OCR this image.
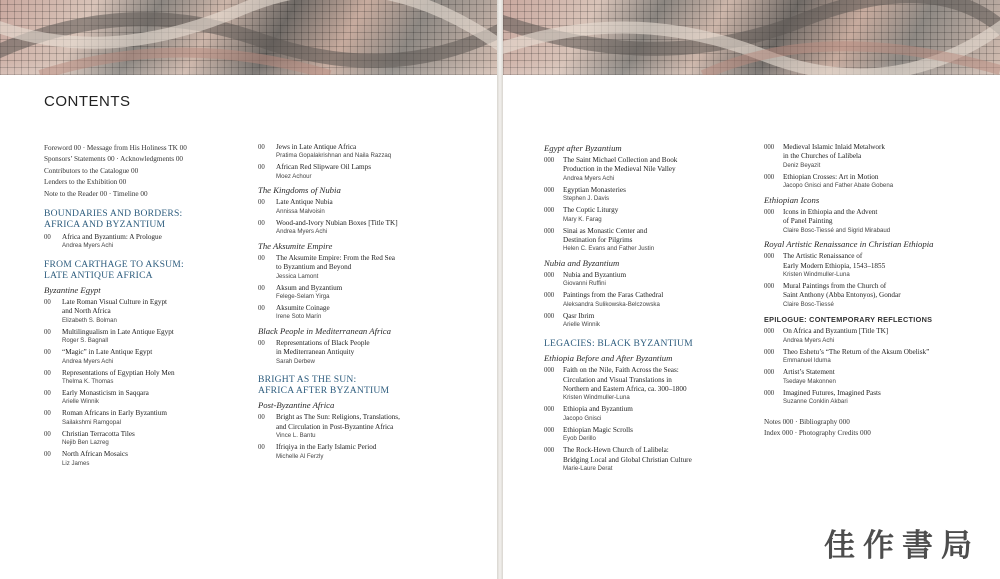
CONTENTS
Foreword 00 · Message from His Holiness TK 00
Sponsors’ Statements 00 · Acknowledgments 00
Contributors to the Catalogue 00
Lenders to the Exhibition 00
Note to the Reader 00 · Timeline 00
BOUNDARIES AND BORDERS:
AFRICA AND BYZANTIUM
00	Africa and Byzantium: A Prologue
Andrea Myers Achi
FROM CARTHAGE TO AKSUM:
LATE ANTIQUE AFRICA
Byzantine Egypt
00	Late Roman Visual Culture in Egypt
and North Africa
Elizabeth S. Bolman
00	Multilingualism in Late Antique Egypt
Roger S. Bagnall
00	“Magic” in Late Antique Egypt
Andrea Myers Achi
00	Representations of Egyptian Holy Men
Thelma K. Thomas
00	Early Monasticism in Saqqara
Arielle Winnik
00	Roman Africans in Early Byzantium
Sailakshmi Ramgopal
00	Christian Terracotta Tiles
Nejib Ben Lazreg
00	North African Mosaics
Liz James
00	Jews in Late Antique Africa
Pratima Gopalakrishnan and Naila Razzaq
00	African Red Slipware Oil Lamps
Moez Achour
The Kingdoms of Nubia
00	Late Antique Nubia
Annissa Malvoisin
00	Wood-and-Ivory Nubian Boxes [Title TK]
Andrea Myers Achi
The Aksumite Empire
00	The Aksumite Empire: From the Red Sea
to Byzantium and Beyond
Jessica Lamont
00	Aksum and Byzantium
Felege-Selam Yirga
00	Aksumite Coinage
Irene Soto Marín
Black People in Mediterranean Africa
00	Representations of Black People
in Mediterranean Antiquity
Sarah Derbew
BRIGHT AS THE SUN:
AFRICA AFTER BYZANTIUM
Post-Byzantine Africa
00	Bright as The Sun: Religions, Translations,
and Circulation in Post-Byzantine Africa
Vince L. Bantu
00	Ifriqiya in the Early Islamic Period
Michelle Al Ferzly
Egypt after Byzantium
000	The Saint Michael Collection and Book
Production in the Medieval Nile Valley
Andrea Myers Achi
000	Egyptian Monasteries
Stephen J. Davis
000	The Coptic Liturgy
Mary K. Farag
000	Sinai as Monastic Center and
Destination for Pilgrims
Helen C. Evans and Father Justin
Nubia and Byzantium
000	Nubia and Byzantium
Giovanni Ruffini
000	Paintings from the Faras Cathedral
Aleksandra Sulikowska-Belczowska
000	Qasr Ibrim
Arielle Winnik
LEGACIES: BLACK BYZANTIUM
Ethiopia Before and After Byzantium
000	Faith on the Nile, Faith Across the Seas:
Circulation and Visual Translations in
Northern and Eastern Africa, ca. 300–1800
Kristen Windmuller-Luna
000	Ethiopia and Byzantium
Jacopo Gnisci
000	Ethiopian Magic Scrolls
Eyob Derillo
000	The Rock-Hewn Church of Lalibela:
Bridging Local and Global Christian Culture
Marie-Laure Derat
000	Medieval Islamic Inlaid Metalwork
in the Churches of Lalibela
Deniz Beyazit
000	Ethiopian Crosses: Art in Motion
Jacopo Gnisci and Father Abate Gobena
Ethiopian Icons
000	Icons in Ethiopia and the Advent
of Panel Painting
Claire Bosc-Tiessé and Sigrid Mirabaud
Royal Artistic Renaissance in Christian Ethiopia
000	The Artistic Renaissance of
Early Modern Ethiopia, 1543–1855
Kristen Windmuller-Luna
000	Mural Paintings from the Church of
Saint Anthony (Abba Entonyos), Gondar
Claire Bosc-Tiessé
EPILOGUE: CONTEMPORARY REFLECTIONS
000	On Africa and Byzantium [Title TK]
Andrea Myers Achi
000	Theo Eshetu’s “The Return of the Aksum Obelisk”
Emmanuel Iduma
000	Artist’s Statement
Tsedaye Makonnen
000	Imagined Futures, Imagined Pasts
Suzanne Conklin Akbari
Notes 000 · Bibliography 000
Index 000 · Photography Credits 000
佳作書局
